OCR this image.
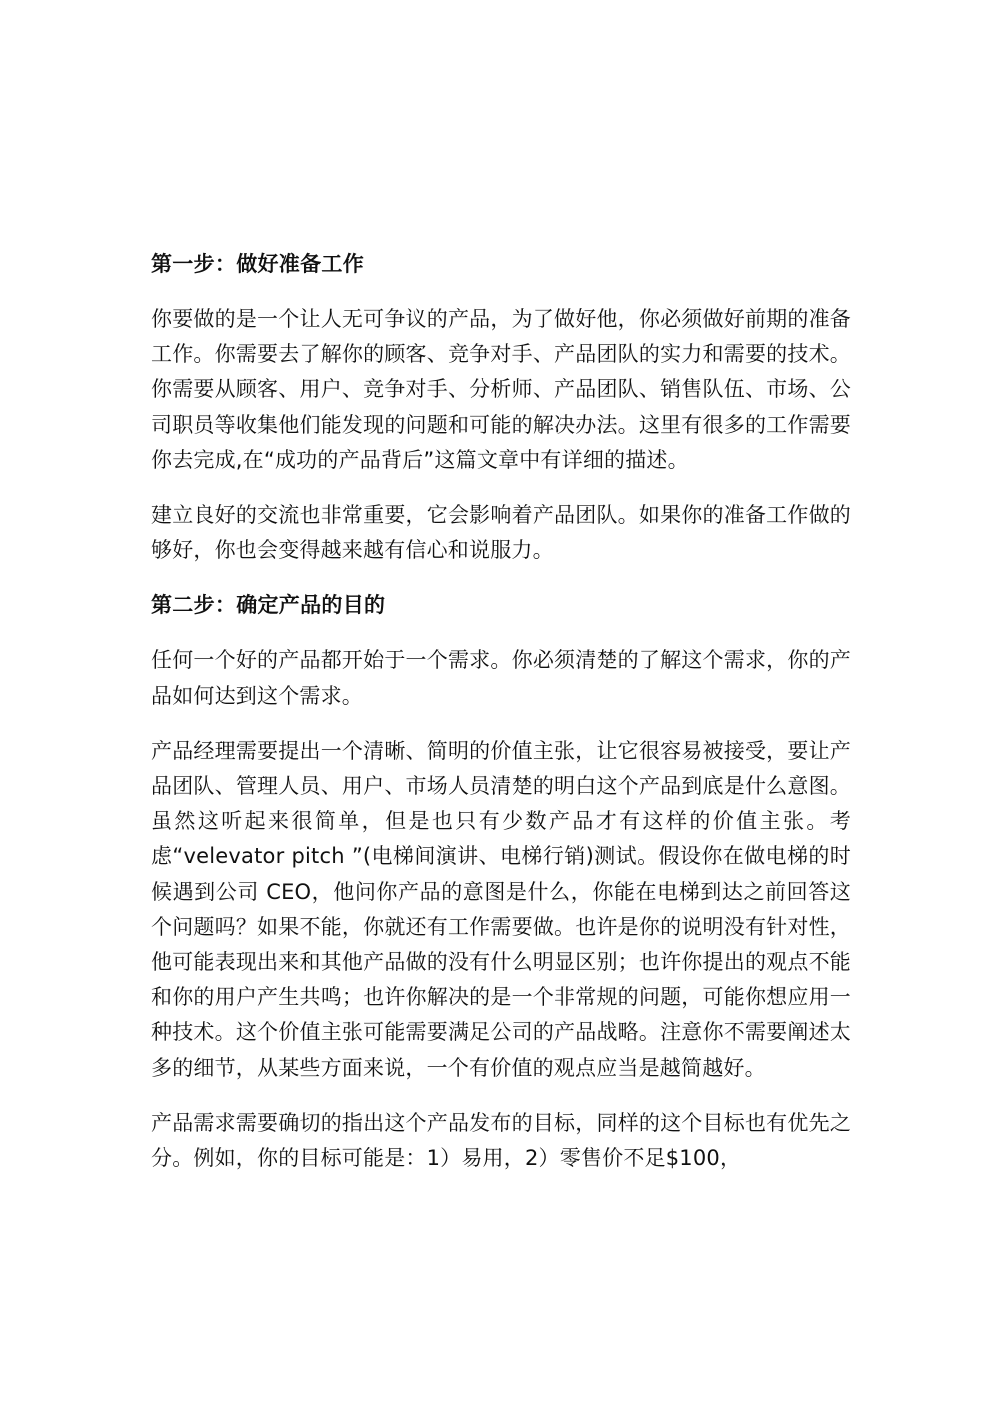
第一步：做好准备工作

你要做的是一个让人无可争议的产品，为了做好他，你必须做好前期的准备工作。你需要去了解你的顾客、竞争对手、产品团队的实力和需要的技术。你需要从顾客、用户、竞争对手、分析师、产品团队、销售队伍、市场、公司职员等收集他们能发现的问题和可能的解决办法。这里有很多的工作需要你去完成,在“成功的产品背后”这篇文章中有详细的描述。

建立良好的交流也非常重要，它会影响着产品团队。如果你的准备工作做的够好，你也会变得越来越有信心和说服力。

第二步：确定产品的目的

任何一个好的产品都开始于一个需求。你必须清楚的了解这个需求，你的产品如何达到这个需求。

产品经理需要提出一个清晰、简明的价值主张，让它很容易被接受，要让产品团队、管理人员、用户、市场人员清楚的明白这个产品到底是什么意图。虽然这听起来很简单，但是也只有少数产品才有这样的价值主张。考虑“velevator pitch ”(电梯间演讲、电梯行销)测试。假设你在做电梯的时候遇到公司 CEO，他问你产品的意图是什么，你能在电梯到达之前回答这个问题吗？如果不能，你就还有工作需要做。也许是你的说明没有针对性，他可能表现出来和其他产品做的没有什么明显区别；也许你提出的观点不能和你的用户产生共鸣；也许你解决的是一个非常规的问题，可能你想应用一种技术。这个价值主张可能需要满足公司的产品战略。注意你不需要阐述太多的细节，从某些方面来说，一个有价值的观点应当是越简越好。

产品需求需要确切的指出这个产品发布的目标，同样的这个目标也有优先之分。例如，你的目标可能是：1）易用，2）零售价不足$100，
